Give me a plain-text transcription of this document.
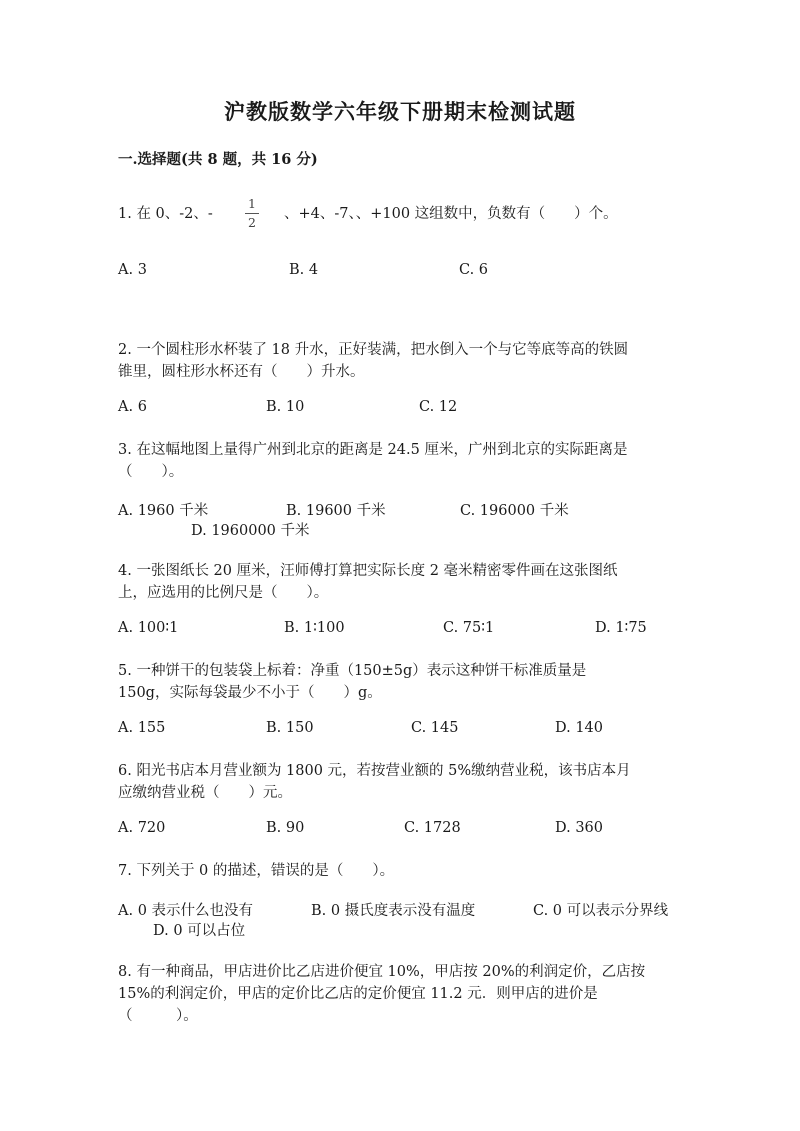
沪教版数学六年级下册期末检测试题
一.选择题(共 8 题，共 16 分)
1. 在 0、-2、-
1
2
、+4、-7、、+100 这组数中，负数有（　　）个。
A. 3	B. 4	C. 6
2. 一个圆柱形水杯装了 18 升水，正好装满，把水倒入一个与它等底等高的铁圆
锥里，圆柱形水杯还有（　　）升水。
A. 6	B. 10	C. 12
3. 在这幅地图上量得广州到北京的距离是 24.5 厘米，广州到北京的实际距离是
（　　）。
A. 1960 千米	B. 19600 千米	C. 196000 千米
D. 1960000 千米
4. 一张图纸长 20 厘米，汪师傅打算把实际长度 2 毫米精密零件画在这张图纸
上，应选用的比例尺是（　　）。
A. 100∶1	B. 1∶100	C. 75∶1	D. 1∶75
5. 一种饼干的包装袋上标着：净重（150±5g）表示这种饼干标准质量是
150g，实际每袋最少不小于（　　）g。
A. 155	B. 150	C. 145	D. 140
6. 阳光书店本月营业额为 1800 元，若按营业额的 5%缴纳营业税，该书店本月
应缴纳营业税（　　）元。
A. 720	B. 90	C. 1728	D. 360
7. 下列关于 0 的描述，错误的是（　　）。
A. 0 表示什么也没有	B. 0 摄氏度表示没有温度	C. 0 可以表示分界线
D. 0 可以占位
8. 有一种商品，甲店进价比乙店进价便宜 10%，甲店按 20%的利润定价，乙店按
15%的利润定价，甲店的定价比乙店的定价便宜 11.2 元．则甲店的进价是
（　　　）。
